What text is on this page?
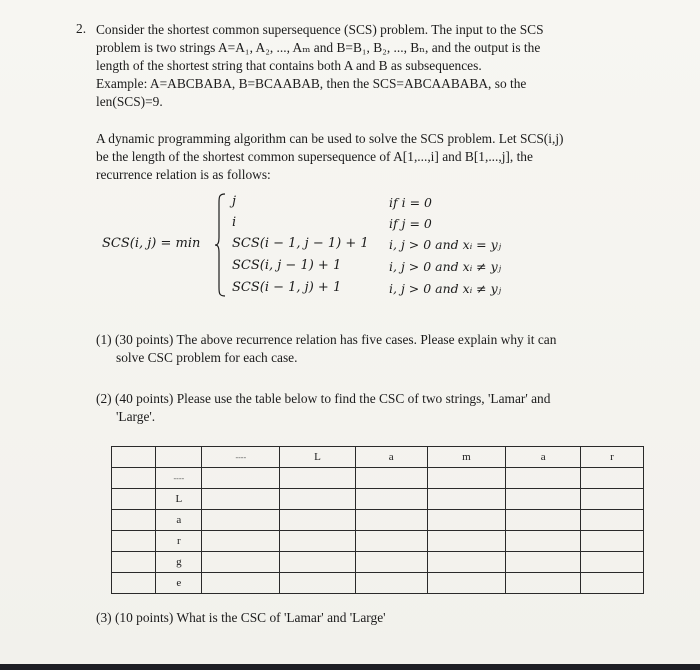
2. Consider the shortest common supersequence (SCS) problem. The input to the SCS
problem is two strings A=A₁, A₂, ..., Aₘ and B=B₁, B₂, ..., Bₙ, and the output is the
length of the shortest string that contains both A and B as subsequences.
Example: A=ABCBABA, B=BCAABAB, then the SCS=ABCAABABA, so the
len(SCS)=9.
A dynamic programming algorithm can be used to solve the SCS problem. Let SCS(i,j)
be the length of the shortest common supersequence of A[1,...,i] and B[1,...,j], the
recurrence relation is as follows:
SCS(i, j) = min
j	if i = 0
i	if j = 0
SCS(i − 1, j − 1) + 1 i, j > 0 and xᵢ = yⱼ
SCS(i, j − 1) + 1	i, j > 0 and xᵢ ≠ yⱼ
SCS(i − 1, j) + 1	i, j > 0 and xᵢ ≠ yⱼ
(1) (30 points) The above recurrence relation has five cases. Please explain why it can
solve CSC problem for each case.
(2) (40 points) Please use the table below to find the CSC of two strings, 'Lamar' and
'Large'.
		----	L	a	m	a	r
	----						
	L						
	a						
	r						
	g						
	e						
(3) (10 points) What is the CSC of 'Lamar' and 'Large'
